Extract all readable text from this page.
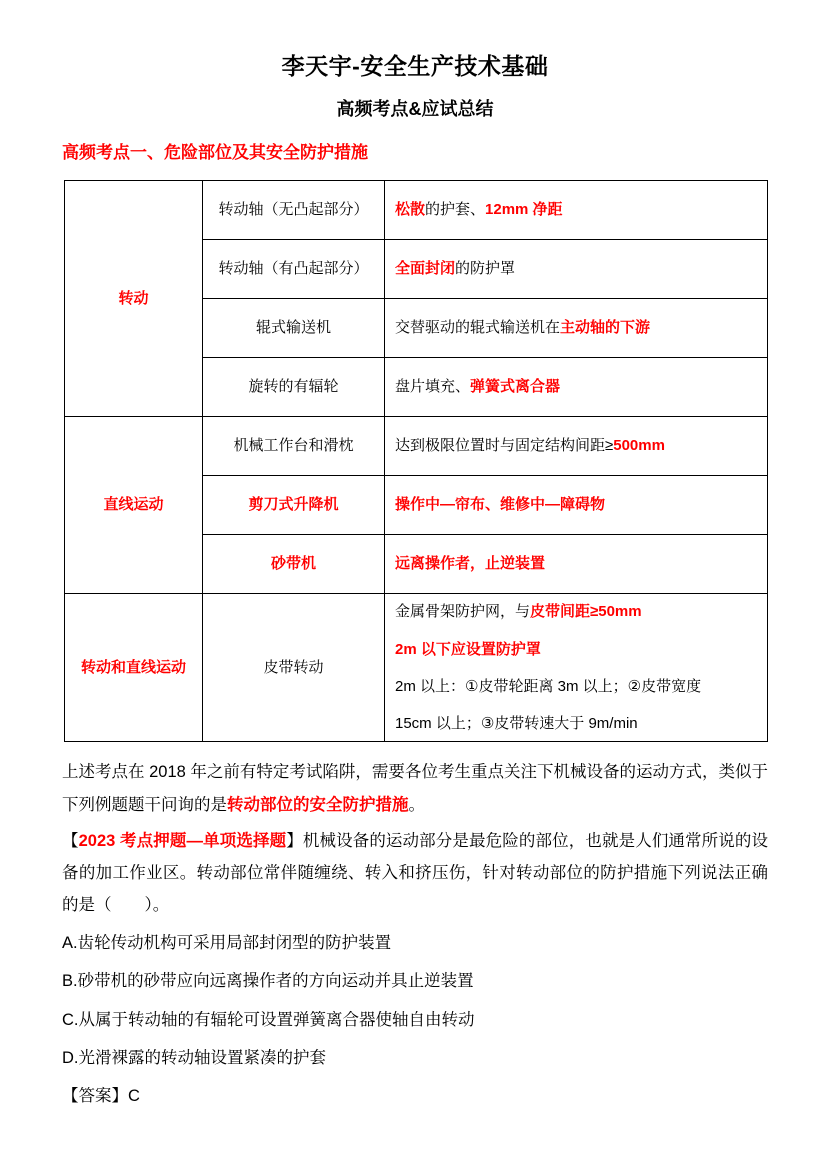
李天宇-安全生产技术基础
高频考点&应试总结
高频考点一、危险部位及其安全防护措施
转动	转动轴（无凸起部分）	松散的护套、12mm 净距
	转动轴（有凸起部分）	全面封闭的防护罩
	辊式输送机	交替驱动的辊式输送机在主动轴的下游
	旋转的有辐轮	盘片填充、弹簧式离合器
直线运动	机械工作台和滑枕	达到极限位置时与固定结构间距≥500mm
	剪刀式升降机	操作中—帘布、维修中—障碍物
	砂带机	远离操作者，止逆装置
转动和直线运动	皮带转动	金属骨架防护网，与皮带间距≥50mm

2m 以下应设置防护罩

2m 以上：①皮带轮距离 3m 以上；②皮带宽度

15cm 以上；③皮带转速大于 9m/min

上述考点在 2018 年之前有特定考试陷阱，需要各位考生重点关注下机械设备的运动方式，类似于下列例题题干问询的是转动部位的安全防护措施。

【2023 考点押题—单项选择题】机械设备的运动部分是最危险的部位，也就是人们通常所说的设备的加工作业区。转动部位常伴随缠绕、转入和挤压伤，针对转动部位的防护措施下列说法正确的是（　　）。

A.齿轮传动机构可采用局部封闭型的防护装置

B.砂带机的砂带应向远离操作者的方向运动并具止逆装置

C.从属于转动轴的有辐轮可设置弹簧离合器使轴自由转动

D.光滑裸露的转动轴设置紧凑的护套

【答案】C
